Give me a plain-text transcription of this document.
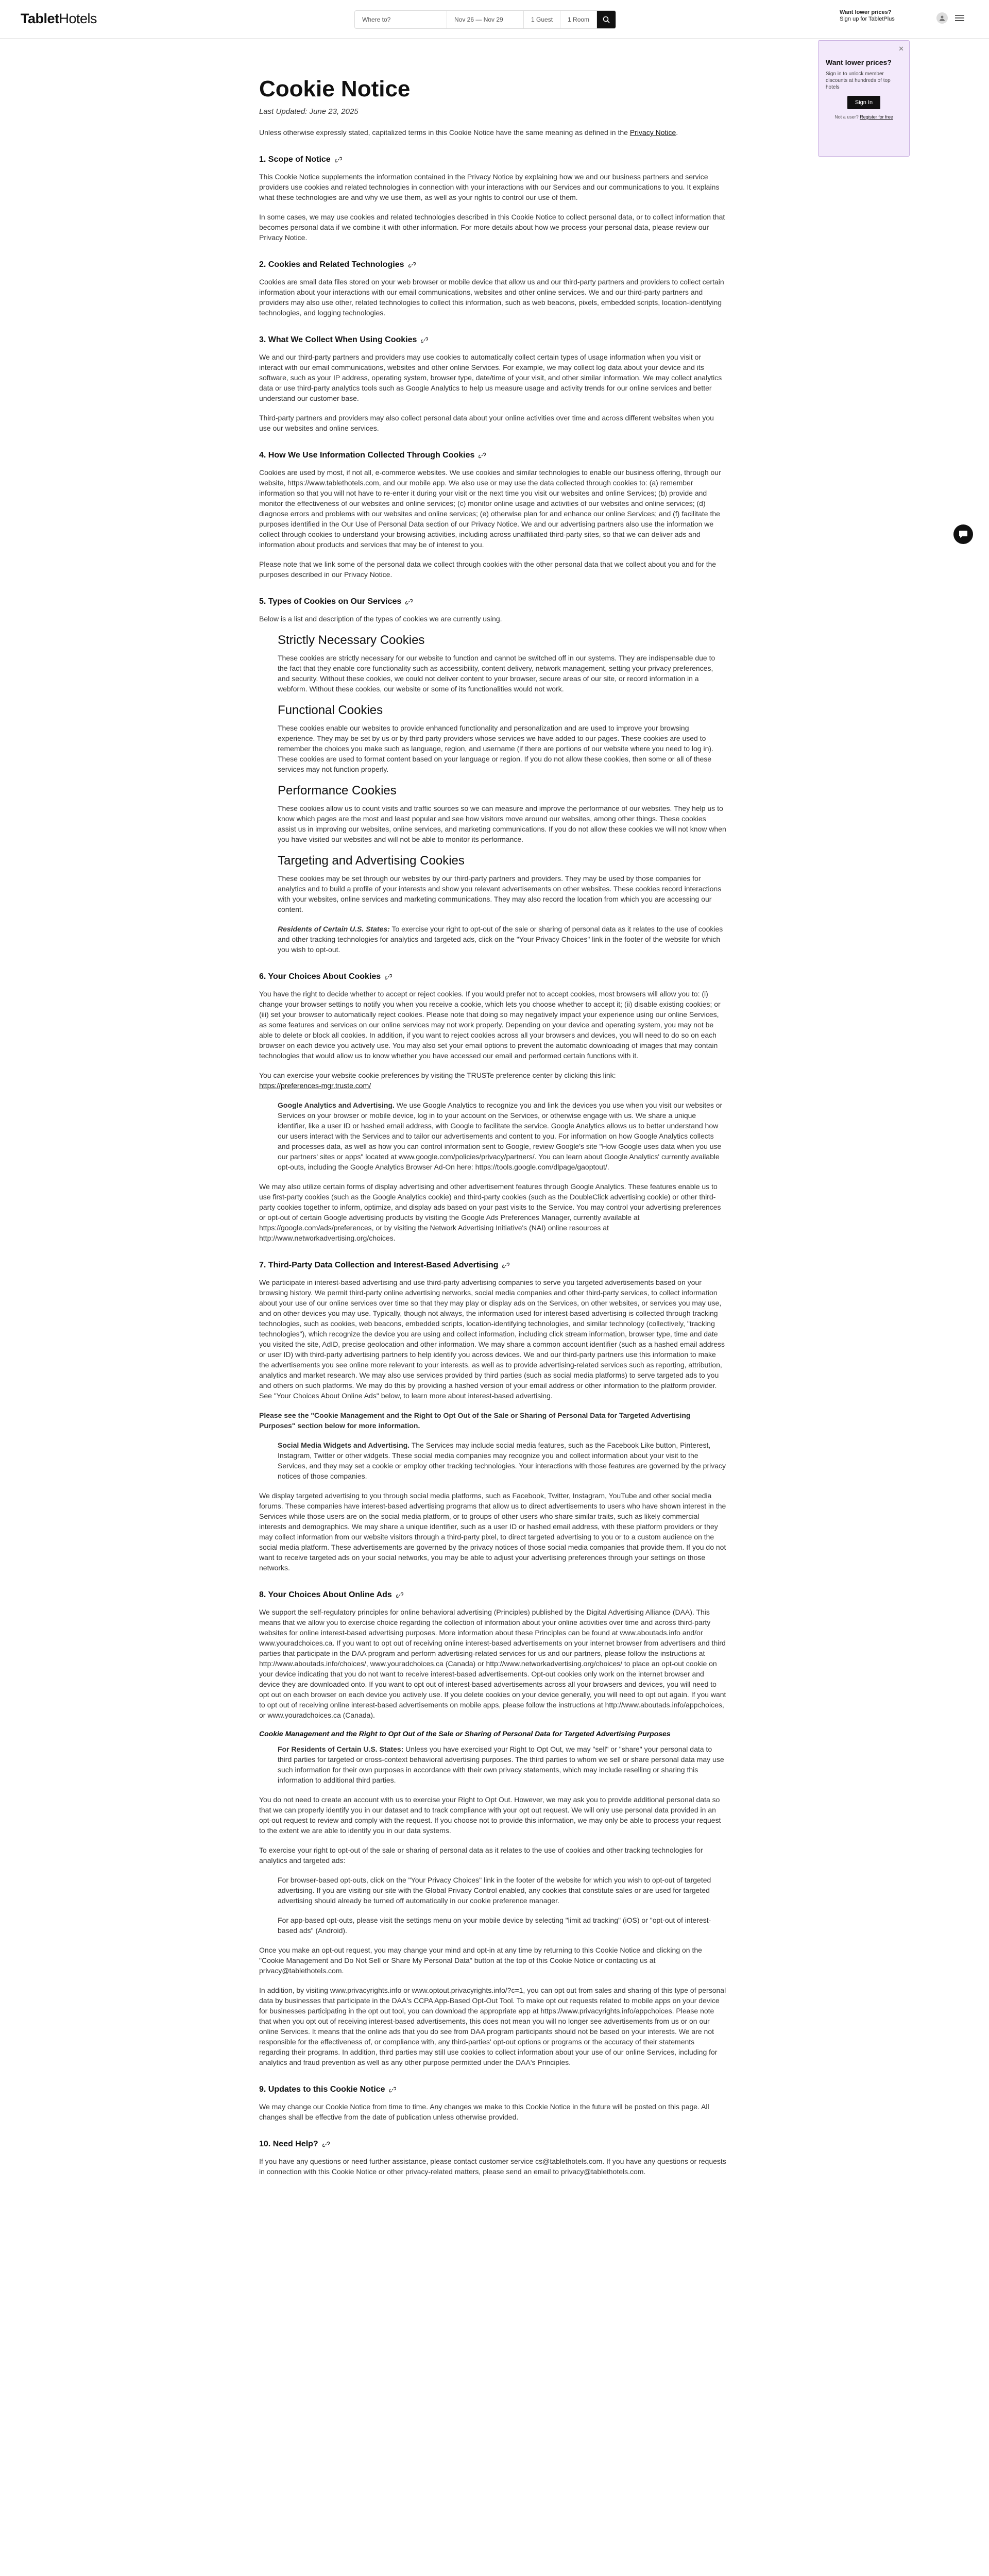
TabletHotels	Where to?	Nov 26 — Nov 29	1 Guest	1 Room
Want lower prices?
Sign up for TabletPlus
✕
Want lower prices?

Sign in to unlock member discounts at hundreds of top hotels

Sign In
Not a user? Register for free
Cookie Notice
Last Updated: June 23, 2025

Unless otherwise expressly stated, capitalized terms in this Cookie Notice have the same meaning as defined in the Privacy Notice.

1. Scope of Notice

This Cookie Notice supplements the information contained in the Privacy Notice by explaining how we and our business partners and service providers use cookies and related technologies in connection with your interactions with our Services and our communications to you. It explains what these technologies are and why we use them, as well as your rights to control our use of them.

In some cases, we may use cookies and related technologies described in this Cookie Notice to collect personal data, or to collect information that becomes personal data if we combine it with other information. For more details about how we process your personal data, please review our Privacy Notice.

2. Cookies and Related Technologies

Cookies are small data files stored on your web browser or mobile device that allow us and our third-party partners and providers to collect certain information about your interactions with our email communications, websites and other online services. We and our third-party partners and providers may also use other, related technologies to collect this information, such as web beacons, pixels, embedded scripts, location-identifying technologies, and logging technologies.

3. What We Collect When Using Cookies

We and our third-party partners and providers may use cookies to automatically collect certain types of usage information when you visit or interact with our email communications, websites and other online Services. For example, we may collect log data about your device and its software, such as your IP address, operating system, browser type, date/time of your visit, and other similar information. We may collect analytics data or use third-party analytics tools such as Google Analytics to help us measure usage and activity trends for our online services and better understand our customer base.

Third-party partners and providers may also collect personal data about your online activities over time and across different websites when you use our websites and online services.

4. How We Use Information Collected Through Cookies

Cookies are used by most, if not all, e-commerce websites. We use cookies and similar technologies to enable our business offering, through our website, https://www.tablethotels.com, and our mobile app. We also use or may use the data collected through cookies to: (a) remember information so that you will not have to re-enter it during your visit or the next time you visit our websites and online Services; (b) provide and monitor the effectiveness of our websites and online services; (c) monitor online usage and activities of our websites and online services; (d) diagnose errors and problems with our websites and online services; (e) otherwise plan for and enhance our online Services; and (f) facilitate the purposes identified in the Our Use of Personal Data section of our Privacy Notice. We and our advertising partners also use the information we collect through cookies to understand your browsing activities, including across unaffiliated third-party sites, so that we can deliver ads and information about products and services that may be of interest to you.

Please note that we link some of the personal data we collect through cookies with the other personal data that we collect about you and for the purposes described in our Privacy Notice.

5. Types of Cookies on Our Services

Below is a list and description of the types of cookies we are currently using.

Strictly Necessary Cookies

These cookies are strictly necessary for our website to function and cannot be switched off in our systems. They are indispensable due to the fact that they enable core functionality such as accessibility, content delivery, network management, setting your privacy preferences, and security. Without these cookies, we could not deliver content to your browser, secure areas of our site, or record information in a webform. Without these cookies, our website or some of its functionalities would not work.

Functional Cookies

These cookies enable our websites to provide enhanced functionality and personalization and are used to improve your browsing experience. They may be set by us or by third party providers whose services we have added to our pages. These cookies are used to remember the choices you make such as language, region, and username (if there are portions of our website where you need to log in). These cookies are used to format content based on your language or region. If you do not allow these cookies, then some or all of these services may not function properly.

Performance Cookies

These cookies allow us to count visits and traffic sources so we can measure and improve the performance of our websites. They help us to know which pages are the most and least popular and see how visitors move around our websites, among other things. These cookies assist us in improving our websites, online services, and marketing communications. If you do not allow these cookies we will not know when you have visited our websites and will not be able to monitor its performance.

Targeting and Advertising Cookies

These cookies may be set through our websites by our third-party partners and providers. They may be used by those companies for analytics and to build a profile of your interests and show you relevant advertisements on other websites. These cookies record interactions with your websites, online services and marketing communications. They may also record the location from which you are accessing our content.

Residents of Certain U.S. States: To exercise your right to opt-out of the sale or sharing of personal data as it relates to the use of cookies and other tracking technologies for analytics and targeted ads, click on the "Your Privacy Choices" link in the footer of the website for which you wish to opt-out.

6. Your Choices About Cookies

You have the right to decide whether to accept or reject cookies. If you would prefer not to accept cookies, most browsers will allow you to: (i) change your browser settings to notify you when you receive a cookie, which lets you choose whether to accept it; (ii) disable existing cookies; or (iii) set your browser to automatically reject cookies. Please note that doing so may negatively impact your experience using our online Services, as some features and services on our online services may not work properly. Depending on your device and operating system, you may not be able to delete or block all cookies. In addition, if you want to reject cookies across all your browsers and devices, you will need to do so on each browser on each device you actively use. You may also set your email options to prevent the automatic downloading of images that may contain technologies that would allow us to know whether you have accessed our email and performed certain functions with it.

You can exercise your website cookie preferences by visiting the TRUSTe preference center by clicking this link:
https://preferences-mgr.truste.com/

Google Analytics and Advertising. We use Google Analytics to recognize you and link the devices you use when you visit our websites or Services on your browser or mobile device, log in to your account on the Services, or otherwise engage with us. We share a unique identifier, like a user ID or hashed email address, with Google to facilitate the service. Google Analytics allows us to better understand how our users interact with the Services and to tailor our advertisements and content to you. For information on how Google Analytics collects and processes data, as well as how you can control information sent to Google, review Google's site "How Google uses data when you use our partners' sites or apps" located at www.google.com/policies/privacy/partners/. You can learn about Google Analytics' currently available opt-outs, including the Google Analytics Browser Ad-On here: https://tools.google.com/dlpage/gaoptout/.

We may also utilize certain forms of display advertising and other advertisement features through Google Analytics. These features enable us to use first-party cookies (such as the Google Analytics cookie) and third-party cookies (such as the DoubleClick advertising cookie) or other third-party cookies together to inform, optimize, and display ads based on your past visits to the Service. You may control your advertising preferences or opt-out of certain Google advertising products by visiting the Google Ads Preferences Manager, currently available at https://google.com/ads/preferences, or by visiting the Network Advertising Initiative's (NAI) online resources at http://www.networkadvertising.org/choices.

7. Third-Party Data Collection and Interest-Based Advertising

We participate in interest-based advertising and use third-party advertising companies to serve you targeted advertisements based on your browsing history. We permit third-party online advertising networks, social media companies and other third-party services, to collect information about your use of our online services over time so that they may play or display ads on the Services, on other websites, or services you may use, and on other devices you may use. Typically, though not always, the information used for interest-based advertising is collected through tracking technologies, such as cookies, web beacons, embedded scripts, location-identifying technologies, and similar technology (collectively, "tracking technologies"), which recognize the device you are using and collect information, including click stream information, browser type, time and date you visited the site, AdID, precise geolocation and other information. We may share a common account identifier (such as a hashed email address or user ID) with third-party advertising partners to help identify you across devices. We and our third-party partners use this information to make the advertisements you see online more relevant to your interests, as well as to provide advertising-related services such as reporting, attribution, analytics and market research. We may also use services provided by third parties (such as social media platforms) to serve targeted ads to you and others on such platforms. We may do this by providing a hashed version of your email address or other information to the platform provider. See "Your Choices About Online Ads" below, to learn more about interest-based advertising.

Please see the "Cookie Management and the Right to Opt Out of the Sale or Sharing of Personal Data for Targeted Advertising Purposes" section below for more information.

Social Media Widgets and Advertising. The Services may include social media features, such as the Facebook Like button, Pinterest, Instagram, Twitter or other widgets. These social media companies may recognize you and collect information about your visit to the Services, and they may set a cookie or employ other tracking technologies. Your interactions with those features are governed by the privacy notices of those companies.

We display targeted advertising to you through social media platforms, such as Facebook, Twitter, Instagram, YouTube and other social media forums. These companies have interest-based advertising programs that allow us to direct advertisements to users who have shown interest in the Services while those users are on the social media platform, or to groups of other users who share similar traits, such as likely commercial interests and demographics. We may share a unique identifier, such as a user ID or hashed email address, with these platform providers or they may collect information from our website visitors through a third-party pixel, to direct targeted advertising to you or to a custom audience on the social media platform. These advertisements are governed by the privacy notices of those social media companies that provide them. If you do not want to receive targeted ads on your social networks, you may be able to adjust your advertising preferences through your settings on those networks.

8. Your Choices About Online Ads

We support the self-regulatory principles for online behavioral advertising (Principles) published by the Digital Advertising Alliance (DAA). This means that we allow you to exercise choice regarding the collection of information about your online activities over time and across third-party websites for online interest-based advertising purposes. More information about these Principles can be found at www.aboutads.info and/or www.youradchoices.ca. If you want to opt out of receiving online interest-based advertisements on your internet browser from advertisers and third parties that participate in the DAA program and perform advertising-related services for us and our partners, please follow the instructions at http://www.aboutads.info/choices/, www.youradchoices.ca (Canada) or http://www.networkadvertising.org/choices/ to place an opt-out cookie on your device indicating that you do not want to receive interest-based advertisements. Opt-out cookies only work on the internet browser and device they are downloaded onto. If you want to opt out of interest-based advertisements across all your browsers and devices, you will need to opt out on each browser on each device you actively use. If you delete cookies on your device generally, you will need to opt out again. If you want to opt out of receiving online interest-based advertisements on mobile apps, please follow the instructions at http://www.aboutads.info/appchoices, or www.youradchoices.ca (Canada).

Cookie Management and the Right to Opt Out of the Sale or Sharing of Personal Data for Targeted Advertising Purposes

For Residents of Certain U.S. States: Unless you have exercised your Right to Opt Out, we may "sell" or "share" your personal data to third parties for targeted or cross-context behavioral advertising purposes. The third parties to whom we sell or share personal data may use such information for their own purposes in accordance with their own privacy statements, which may include reselling or sharing this information to additional third parties.

You do not need to create an account with us to exercise your Right to Opt Out. However, we may ask you to provide additional personal data so that we can properly identify you in our dataset and to track compliance with your opt out request. We will only use personal data provided in an opt-out request to review and comply with the request. If you choose not to provide this information, we may only be able to process your request to the extent we are able to identify you in our data systems.

To exercise your right to opt-out of the sale or sharing of personal data as it relates to the use of cookies and other tracking technologies for analytics and targeted ads:

For browser-based opt-outs, click on the "Your Privacy Choices" link in the footer of the website for which you wish to opt-out of targeted advertising. If you are visiting our site with the Global Privacy Control enabled, any cookies that constitute sales or are used for targeted advertising should already be turned off automatically in our cookie preference manager.

For app-based opt-outs, please visit the settings menu on your mobile device by selecting "limit ad tracking" (iOS) or "opt-out of interest-based ads" (Android).

Once you make an opt-out request, you may change your mind and opt-in at any time by returning to this Cookie Notice and clicking on the "Cookie Management and Do Not Sell or Share My Personal Data" button at the top of this Cookie Notice or contacting us at privacy@tablethotels.com.

In addition, by visiting www.privacyrights.info or www.optout.privacyrights.info/?c=1, you can opt out from sales and sharing of this type of personal data by businesses that participate in the DAA's CCPA App-Based Opt-Out Tool. To make opt out requests related to mobile apps on your device for businesses participating in the opt out tool, you can download the appropriate app at https://www.privacyrights.info/appchoices. Please note that when you opt out of receiving interest-based advertisements, this does not mean you will no longer see advertisements from us or on our online Services. It means that the online ads that you do see from DAA program participants should not be based on your interests. We are not responsible for the effectiveness of, or compliance with, any third-parties' opt-out options or programs or the accuracy of their statements regarding their programs. In addition, third parties may still use cookies to collect information about your use of our online Services, including for analytics and fraud prevention as well as any other purpose permitted under the DAA's Principles.

9. Updates to this Cookie Notice

We may change our Cookie Notice from time to time. Any changes we make to this Cookie Notice in the future will be posted on this page. All changes shall be effective from the date of publication unless otherwise provided.

10. Need Help?

If you have any questions or need further assistance, please contact customer service cs@tablethotels.com. If you have any questions or requests in connection with this Cookie Notice or other privacy-related matters, please send an email to privacy@tablethotels.com.
